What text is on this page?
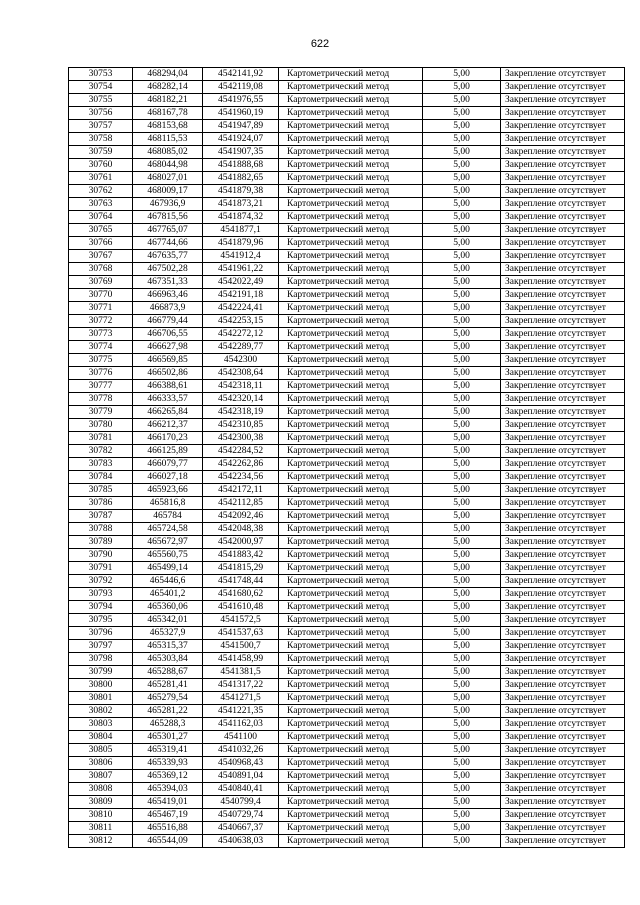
622
30753	468294,04	4542141,92	Картометрический метод	5,00	Закрепление отсутствует
30754	468282,14	4542119,08	Картометрический метод	5,00	Закрепление отсутствует
30755	468182,21	4541976,55	Картометрический метод	5,00	Закрепление отсутствует
30756	468167,78	4541960,19	Картометрический метод	5,00	Закрепление отсутствует
30757	468153,68	4541947,89	Картометрический метод	5,00	Закрепление отсутствует
30758	468115,53	4541924,07	Картометрический метод	5,00	Закрепление отсутствует
30759	468085,02	4541907,35	Картометрический метод	5,00	Закрепление отсутствует
30760	468044,98	4541888,68	Картометрический метод	5,00	Закрепление отсутствует
30761	468027,01	4541882,65	Картометрический метод	5,00	Закрепление отсутствует
30762	468009,17	4541879,38	Картометрический метод	5,00	Закрепление отсутствует
30763	467936,9	4541873,21	Картометрический метод	5,00	Закрепление отсутствует
30764	467815,56	4541874,32	Картометрический метод	5,00	Закрепление отсутствует
30765	467765,07	4541877,1	Картометрический метод	5,00	Закрепление отсутствует
30766	467744,66	4541879,96	Картометрический метод	5,00	Закрепление отсутствует
30767	467635,77	4541912,4	Картометрический метод	5,00	Закрепление отсутствует
30768	467502,28	4541961,22	Картометрический метод	5,00	Закрепление отсутствует
30769	467351,33	4542022,49	Картометрический метод	5,00	Закрепление отсутствует
30770	466963,46	4542191,18	Картометрический метод	5,00	Закрепление отсутствует
30771	466873,9	4542224,41	Картометрический метод	5,00	Закрепление отсутствует
30772	466779,44	4542253,15	Картометрический метод	5,00	Закрепление отсутствует
30773	466706,55	4542272,12	Картометрический метод	5,00	Закрепление отсутствует
30774	466627,98	4542289,77	Картометрический метод	5,00	Закрепление отсутствует
30775	466569,85	4542300	Картометрический метод	5,00	Закрепление отсутствует
30776	466502,86	4542308,64	Картометрический метод	5,00	Закрепление отсутствует
30777	466388,61	4542318,11	Картометрический метод	5,00	Закрепление отсутствует
30778	466333,57	4542320,14	Картометрический метод	5,00	Закрепление отсутствует
30779	466265,84	4542318,19	Картометрический метод	5,00	Закрепление отсутствует
30780	466212,37	4542310,85	Картометрический метод	5,00	Закрепление отсутствует
30781	466170,23	4542300,38	Картометрический метод	5,00	Закрепление отсутствует
30782	466125,89	4542284,52	Картометрический метод	5,00	Закрепление отсутствует
30783	466079,77	4542262,86	Картометрический метод	5,00	Закрепление отсутствует
30784	466027,18	4542234,56	Картометрический метод	5,00	Закрепление отсутствует
30785	465923,66	4542172,11	Картометрический метод	5,00	Закрепление отсутствует
30786	465816,8	4542112,85	Картометрический метод	5,00	Закрепление отсутствует
30787	465784	4542092,46	Картометрический метод	5,00	Закрепление отсутствует
30788	465724,58	4542048,38	Картометрический метод	5,00	Закрепление отсутствует
30789	465672,97	4542000,97	Картометрический метод	5,00	Закрепление отсутствует
30790	465560,75	4541883,42	Картометрический метод	5,00	Закрепление отсутствует
30791	465499,14	4541815,29	Картометрический метод	5,00	Закрепление отсутствует
30792	465446,6	4541748,44	Картометрический метод	5,00	Закрепление отсутствует
30793	465401,2	4541680,62	Картометрический метод	5,00	Закрепление отсутствует
30794	465360,06	4541610,48	Картометрический метод	5,00	Закрепление отсутствует
30795	465342,01	4541572,5	Картометрический метод	5,00	Закрепление отсутствует
30796	465327,9	4541537,63	Картометрический метод	5,00	Закрепление отсутствует
30797	465315,37	4541500,7	Картометрический метод	5,00	Закрепление отсутствует
30798	465303,84	4541458,99	Картометрический метод	5,00	Закрепление отсутствует
30799	465288,67	4541381,5	Картометрический метод	5,00	Закрепление отсутствует
30800	465281,41	4541317,22	Картометрический метод	5,00	Закрепление отсутствует
30801	465279,54	4541271,5	Картометрический метод	5,00	Закрепление отсутствует
30802	465281,22	4541221,35	Картометрический метод	5,00	Закрепление отсутствует
30803	465288,3	4541162,03	Картометрический метод	5,00	Закрепление отсутствует
30804	465301,27	4541100	Картометрический метод	5,00	Закрепление отсутствует
30805	465319,41	4541032,26	Картометрический метод	5,00	Закрепление отсутствует
30806	465339,93	4540968,43	Картометрический метод	5,00	Закрепление отсутствует
30807	465369,12	4540891,04	Картометрический метод	5,00	Закрепление отсутствует
30808	465394,03	4540840,41	Картометрический метод	5,00	Закрепление отсутствует
30809	465419,01	4540799,4	Картометрический метод	5,00	Закрепление отсутствует
30810	465467,19	4540729,74	Картометрический метод	5,00	Закрепление отсутствует
30811	465516,88	4540667,37	Картометрический метод	5,00	Закрепление отсутствует
30812	465544,09	4540638,03	Картометрический метод	5,00	Закрепление отсутствует
